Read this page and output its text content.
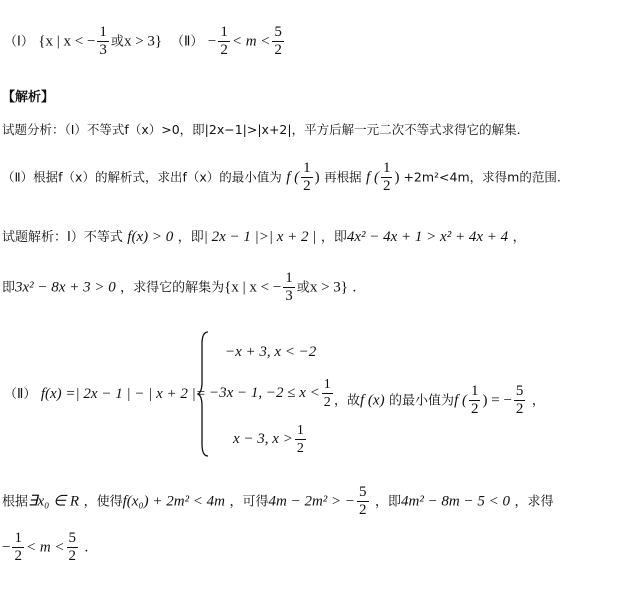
（Ⅰ） {x | x < − $\frac{1}{3}$ 或x > 3} （Ⅱ） − $\frac{1}{2} < m < \frac{5}{2}$
【解析】
试题分析：（Ⅰ）不等式f（x）>0，即|2x−1|>|x+2|，平方后解一元二次不等式求得它的解集.
（Ⅱ）根据f（x）的解析式，求出f（x）的最小值为 f ( $\frac{1}{2}$ ) 再根据 f ( $\frac{1}{2}$ ) +2m²<4m，求得m的范围.
试题解析：Ⅰ）不等式 f(x) > 0 ，即| 2x − 1 |>| x + 2 | ，即4x² − 4x + 1 > x² + 4x + 4 ，
即3x² − 8x + 3 > 0 ，求得它的解集为{x | x < − $\frac{1}{3}$ 或x > 3} .
（Ⅱ） f(x) =| 2x − 1 | − | x + 2 |=
−x + 3, x < −2
−3x − 1, $-2 \le x < \frac{1}{2}$
x − 3, $x > \frac{1}{2}$
，故f (x) 的最小值为f ( $\frac{1}{2}$ ) = − $\frac{5}{2}$ ，
根据∃x₀ ∈ R ，使得f(x₀) + 2m² < 4m ，可得4m − 2m² > − $\frac{5}{2}$ ，即4m² − 8m − 5 < 0 ，求得
− $\frac{1}{2} < m < \frac{5}{2}$ .
